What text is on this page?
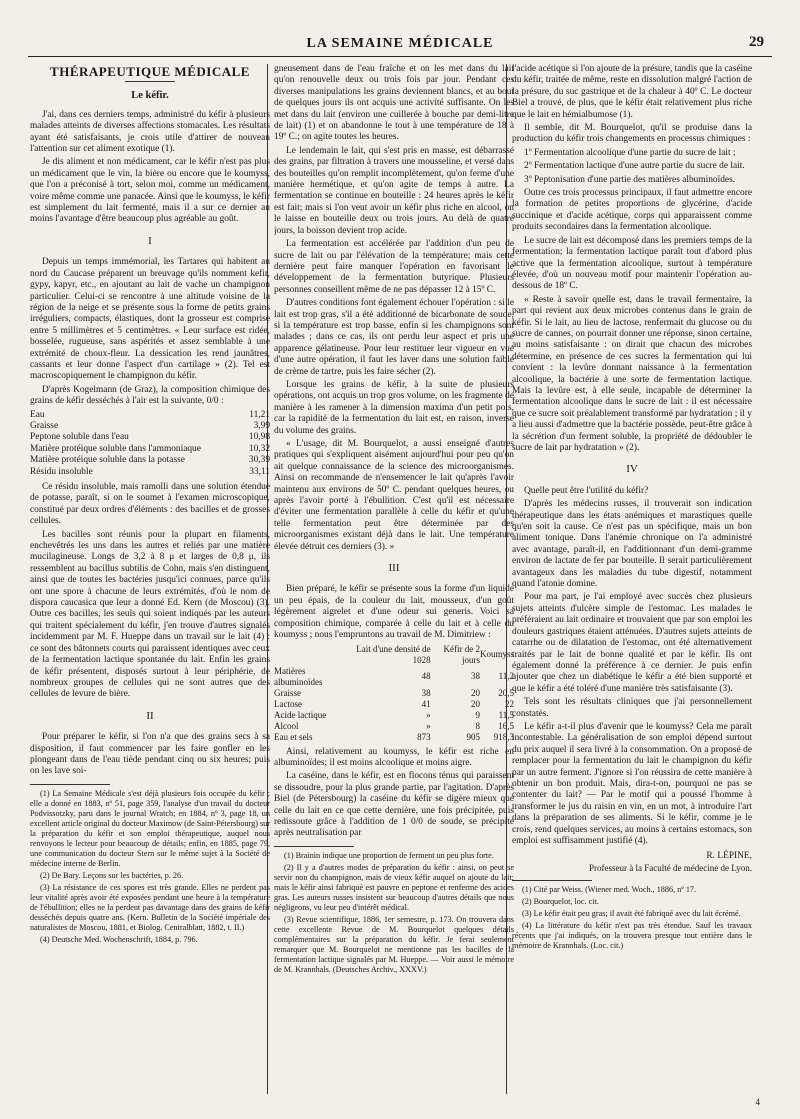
LA SEMAINE MÉDICALE	29
THÉRAPEUTIQUE MÉDICALE
Le kéfir.

J'ai, dans ces derniers temps, administré du kéfir à plusieurs malades atteints de diverses affections stomacales. Les résultats ayant été satisfaisants, je crois utile d'attirer de nouveau l'attention sur cet aliment exotique (1).

Je dis aliment et non médicament, car le kéfir n'est pas plus un médicament que le vin, la bière ou encore que le koumyss, que l'on a préconisé à tort, selon moi, comme un médicament, voire même comme une panacée. Ainsi que le koumyss, le kéfir est simplement du lait fermenté, mais il a sur ce dernier au moins l'avantage d'être beaucoup plus agréable au goût.

I

Depuis un temps immémorial, les Tartares qui habitent au nord du Caucase préparent un breuvage qu'ils nomment kefir, gypy, kapyr, etc., en ajoutant au lait de vache un champignon particulier. Celui-ci se rencontre à une altitude voisine de la région de la neige et se présente sous la forme de petits grains irréguliers, compacts, élastiques, dont la grosseur est comprise entre 5 millimètres et 5 centimètres. « Leur surface est ridée, bosselée, rugueuse, sans aspérités et assez semblable à une extrémité de choux-fleur. La dessication les rend jaunâtres, cassants et leur donne l'aspect d'un cartilage » (2). Tel est macroscopiquement le champignon du kéfir.

D'après Kogelmann (de Graz), la composition chimique des grains de kéfir desséchés à l'air est la suivante, 0/0 :

Eau	11,21
Graisse	3,99
Peptone soluble dans l'eau	10,98
Matière protéique soluble dans l'ammoniaque	10,32
Matière protéique soluble dans la potasse	30,39
Résidu insoluble	33,11

Ce résidu insoluble, mais ramolli dans une solution étendue de potasse, paraît, si on le soumet à l'examen microscopique, constitué par deux ordres d'éléments : des bacilles et de grosses cellules.

Les bacilles sont réunis pour la plupart en filaments, enchevêtrés les uns dans les autres et reliés par une matière mucilagineuse. Longs de 3,2 à 8 μ et larges de 0,8 μ, ils ressemblent au bacillus subtilis de Cohn, mais s'en distinguent, ainsi que de toutes les bactéries jusqu'ici connues, parce qu'ils ont une spore à chacune de leurs extrémités, d'où le nom de dispora caucasica que leur a donné Ed. Kern (de Moscou) (3). Outre ces bacilles, les seuls qui soient indiqués par les auteurs qui traitent spécialement du kéfir, j'en trouve d'autres signalés incidemment par M. F. Hueppe dans un travail sur le lait (4) : ce sont des bâtonnets courts qui paraissent identiques avec ceux de la fermentation lactique spontanée du lait. Enfin les grains de kéfir présentent, disposés surtout à leur périphérie, de nombreux groupes de cellules qui ne sont autres que des cellules de levure de bière.

II

Pour préparer le kéfir, si l'on n'a que des grains secs à sa disposition, il faut commencer par les faire gonfler en les plongeant dans de l'eau tiède pendant cinq ou six heures; puis on les lave soi-

(1) La Semaine Médicale s'est déjà plusieurs fois occupée du kéfir ; elle a donné en 1883, nº 51, page 359, l'analyse d'un travail du docteur Podvissotzky, paru dans le journal Wratch; en 1884, nº 3, page 18, un excellent article original du docteur Maximow (de Saint-Pétersbourg) sur la préparation du kéfir et son emploi thérapeutique, auquel nous renvoyons le lecteur pour beaucoup de détails; enfin, en 1885, page 79, une communication du docteur Stern sur le même sujet à la Société de médecine interne de Berlin.

(2) De Bary. Leçons sur les bactéries, p. 26.

(3) La résistance de ces spores est très grande. Elles ne perdent pas leur vitalité après avoir été exposées pendant une heure à la température de l'ébullition; elles ne la perdent pas davantage dans des grains de kéfir desséchés depuis quatre ans. (Kern. Bulletin de la Société impériale des naturalistes de Moscou, 1881, et Biolog. Centralblatt, 1882, t. II.)

(4) Deutsche Med. Wochenschrift, 1884, p. 796.

gneusement dans de l'eau fraîche et on les met dans du lait qu'on renouvelle deux ou trois fois par jour. Pendant ces diverses manipulations les grains deviennent blancs, et au bout de quelques jours ils ont acquis une activité suffisante. On les met dans du lait (environ une cuillerée à bouche par demi-litre de lait) (1) et on abandonne le tout à une température de 18 à 19º C.; on agite toutes les heures.

Le lendemain le lait, qui s'est pris en masse, est débarrassé des grains, par filtration à travers une mousseline, et versé dans des bouteilles qu'on remplit incomplètement, qu'on ferme d'une manière hermétique, et qu'on agite de temps à autre. La fermentation se continue en bouteille : 24 heures après le kéfir est fait; mais si l'on veut avoir un kéfir plus riche en alcool, on le laisse en bouteille deux ou trois jours. Au delà de quatre jours, la boisson devient trop acide.

La fermentation est accélérée par l'addition d'un peu de sucre de lait ou par l'élévation de la température; mais cette dernière peut faire manquer l'opération en favorisant le développement de la fermentation butyrique. Plusieurs personnes conseillent même de ne pas dépasser 12 à 15º C.

D'autres conditions font également échouer l'opération : si le lait est trop gras, s'il a été additionné de bicarbonate de soude, si la température est trop basse, enfin si les champignons sont malades ; dans ce cas, ils ont perdu leur aspect et pris une apparence gélatineuse. Pour leur restituer leur vigueur en vue d'une autre opération, il faut les laver dans une solution faible de crème de tartre, puis les faire sécher (2).

Lorsque les grains de kéfir, à la suite de plusieurs opérations, ont acquis un trop gros volume, on les fragmente de manière à les ramener à la dimension maxima d'un petit pois, car la rapidité de la fermentation du lait est, en raison, inverse du volume des grains.

« L'usage, dit M. Bourquelot, a aussi enseigné d'autres pratiques qui s'expliquent aisément aujourd'hui pour peu qu'on ait quelque connaissance de la science des microorganismes. Ainsi on recommande de n'ensemencer le lait qu'après l'avoir maintenu aux environs de 50º C. pendant quelques heures, ou après l'avoir porté à l'ébullition. C'est qu'il est nécessaire d'éviter une fermentation parallèle à celle du kéfir et qu'une telle fermentation peut être déterminée par des microorganismes existant déjà dans le lait. Une température élevée détruit ces derniers (3). »

III

Bien préparé, le kéfir se présente sous la forme d'un liquide un peu épais, de la couleur du lait, mousseux, d'un goût légèrement aigrelet et d'une odeur sui generis. Voici sa composition chimique, comparée à celle du lait et à celle du koumyss ; nous l'empruntons au travail de M. Dimitriew :

	Lait d'une densité de 1028	Kéfir de 2 jours	Koumyss
Matières albuminoïdes	48	38	11,2
Graisse	38	20	20,5
Lactose	41	20	22
Acide lactique	»	9	11,5
Alcool	»	8	16,5
Eau et sels	873	905	918,3

Ainsi, relativement au koumyss, le kéfir est riche en albuminoïdes; il est moins alcoolique et moins aigre.

La caséine, dans le kéfir, est en flocons ténus qui paraissent se dissoudre, pour la plus grande partie, par l'agitation. D'après Biel (de Pétersbourg) la caséine du kéfir se digère mieux que celle du lait en ce que cette dernière, une fois précipitée, puis redissoute grâce à l'addition de 1 0/0 de soude, se précipite après neutralisation par

(1) Brainin indique une proportion de ferment un peu plus forte.

(2) Il y a d'autres modes de préparation du kéfir : ainsi, on peut se servir non du champignon, mais de vieux kéfir auquel on ajoute du lait; mais le kéfir ainsi fabriqué est pauvre en peptone et renferme des acides gras. Les auteurs russes insistent sur beaucoup d'autres détails que nous négligeons, vu leur peu d'intérêt médical.

(3) Revue scientifique, 1886, 1er semestre, p. 173. On trouvera dans cette excellente Revue de M. Bourquelot quelques détails complémentaires sur la préparation du kéfir. Je ferai seulement remarquer que M. Bourquelot ne mentionne pas les bacilles de la fermentation lactique signalés par M. Hueppe. — Voir aussi le mémoire de M. Krannhals. (Deutsches Archiv., XXXV.)

l'acide acétique si l'on ajoute de la présure, tandis que la caséine du kéfir, traitée de même, reste en dissolution malgré l'action de la présure, du suc gastrique et de la chaleur à 40º C. Le docteur Biel a trouvé, de plus, que le kéfir était relativement plus riche que le lait en hémialbumose (1).

Il semble, dit M. Bourquelot, qu'il se produise dans la production du kéfir trois changements en processus chimiques :

1º Fermentation alcoolique d'une partie du sucre de lait ;

2º Fermentation lactique d'une autre partie du sucre de lait.

3º Peptonisation d'une partie des matières albuminoïdes.

Outre ces trois processus principaux, il faut admettre encore la formation de petites proportions de glycérine, d'acide succinique et d'acide acétique, corps qui apparaissent comme produits secondaires dans la fermentation alcoolique.

Le sucre de lait est décomposé dans les premiers temps de la fermentation; la fermentation lactique paraît tout d'abord plus active que la fermentation alcoolique, surtout à température élevée, d'où un nouveau motif pour maintenir l'opération au-dessous de 18º C.

« Reste à savoir quelle est, dans le travail fermentaire, la part qui revient aux deux microbes contenus dans le grain de kéfir. Si le lait, au lieu de lactose, renfermait du glucose ou du sucre de cannes, on pourrait donner une réponse, sinon certaine, au moins satisfaisante : on dirait que chacun des microbes détermine, en présence de ces sucres la fermentation qui lui convient : la levûre donnant naissance à la fermentation alcoolique, la bactérie à une sorte de fermentation lactique. Mais la levûre est, à elle seule, incapable de déterminer la fermentation alcoolique dans le sucre de lait : il est nécessaire que ce sucre soit préalablement transformé par hydratation ; il y a lieu aussi d'admettre que la bactérie possède, peut-être grâce à la sécrétion d'un ferment soluble, la propriété de dédoubler le sucre de lait par hydratation » (2).

IV

Quelle peut être l'utilité du kéfir?

D'après les médecins russes, il trouverait son indication thérapeutique dans les états anémiques et marastiques quelle qu'en soit la cause. Ce n'est pas un spécifique, mais un bon aliment tonique. Dans l'anémie chronique on l'a administré avec avantage, paraît-il, en l'additionnant d'un demi-gramme environ de lactate de fer par bouteille. Il serait particulièrement avantageux dans les maladies du tube digestif, notamment quand l'atonie domine.

Pour ma part, je l'ai employé avec succès chez plusieurs sujets atteints d'ulcère simple de l'estomac. Les malades le préféraient au lait ordinaire et trouvaient que par son emploi les douleurs gastriques étaient atténuées. D'autres sujets atteints de catarrhe ou de dilatation de l'estomac, ont été alternativement traités par le lait de bonne qualité et par le kéfir. Ils ont également donné la préférence à ce dernier. Je puis enfin ajouter que chez un diabétique le kéfir a été bien supporté et que le kéfir a été toléré d'une manière très satisfaisante (3).

Tels sont les résultats cliniques que j'ai personnellement constatés.

Le kéfir a-t-il plus d'avenir que le koumyss? Cela me paraît incontestable. La généralisation de son emploi dépend surtout du prix auquel il sera livré à la consommation. On a proposé de remplacer pour la fermentation du lait le champignon du kéfir par un autre ferment. J'ignore si l'on réussira de cette manière à obtenir un bon produit. Mais, dira-t-on, pourquoi ne pas se contenter du lait? — Par le motif qui a poussé l'homme à transformer le jus du raisin en vin, en un mot, à introduire l'art dans la préparation de ses aliments. Si le kéfir, comme je le crois, rend quelques services, au moins à certains estomacs, son emploi est suffisamment justifié (4).

R. LÉPINE,
Professeur à la Faculté de médecine de Lyon.

(1) Cité par Weiss. (Wiener med. Woch., 1886, nº 17.

(2) Bourquelot, loc. cit.

(3) Le kéfir était peu gras; il avait été fabriqué avec du lait écrémé.

(4) La littérature du kéfir n'est pas très étendue. Sauf les travaux récents que j'ai indiqués, on la trouvera presque tout entière dans le mémoire de Krannhals. (Loc. cit.)

4
